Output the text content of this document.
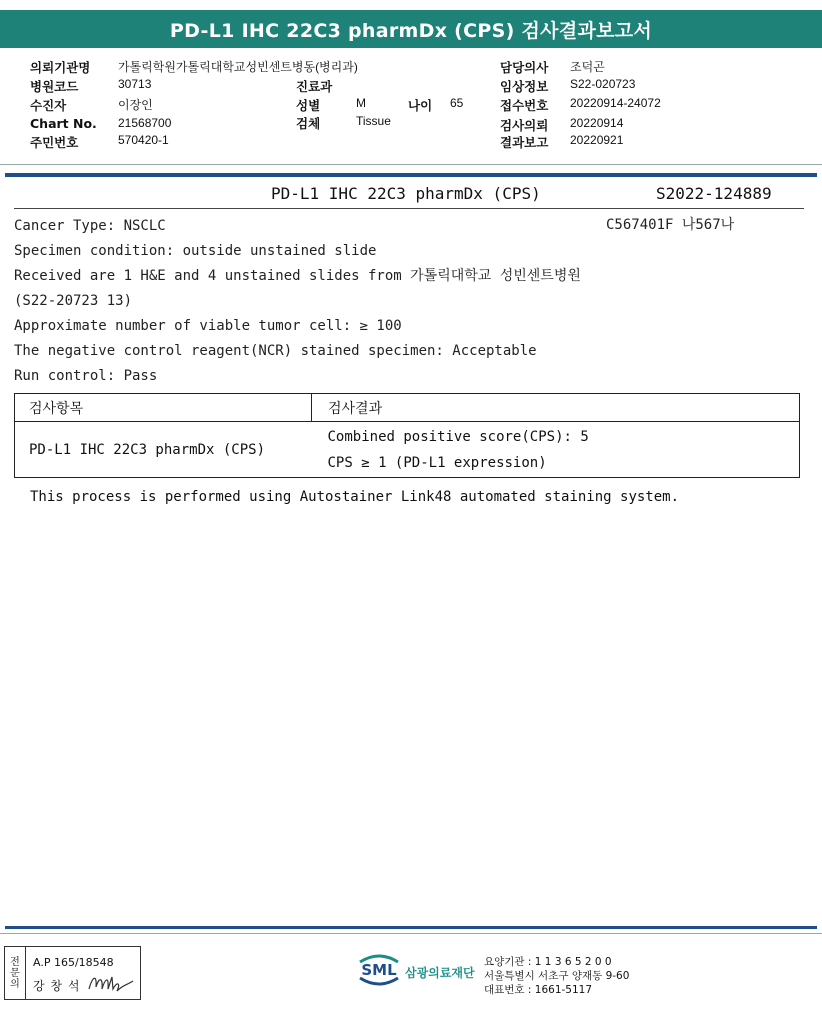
PD-L1 IHC 22C3 pharmDx (CPS) 검사결과보고서
의뢰기관명 가톨릭학원가톨릭대학교성빈센트병동(병리과)
병원코드	30713
수진자	이장인
Chart No. 21568700
주민번호	570420-1
진료과
성별	M	나이 65
검체	Tissue
담당의사 조덕곤
임상정보 S22-020723
접수번호 20220914-24072
검사의뢰 20220914
결과보고 20220921
PD-L1 IHC 22C3 pharmDx (CPS)	S2022-124889
C567401F 나567나
Cancer Type: NSCLC
Specimen condition: outside unstained slide
Received are 1 H&E and 4 unstained slides from 가톨릭대학교 성빈센트병원
(S22-20723 13)
Approximate number of viable tumor cell: ≥ 100
The negative control reagent(NCR) stained specimen: Acceptable
Run control: Pass
검사항목	검사결과
PD-L1 IHC 22C3 pharmDx (CPS)	Combined positive score(CPS): 5
CPS ≥ 1 (PD-L1 expression)
This process is performed using Autostainer Link48 automated staining system.
전
문
의
A.P 165/18548
강 창 석
SML 삼광의료재단
요양기관 : 1 1 3 6 5 2 0 0
서울특별시 서초구 양재동 9-60
대표번호 : 1661-5117
